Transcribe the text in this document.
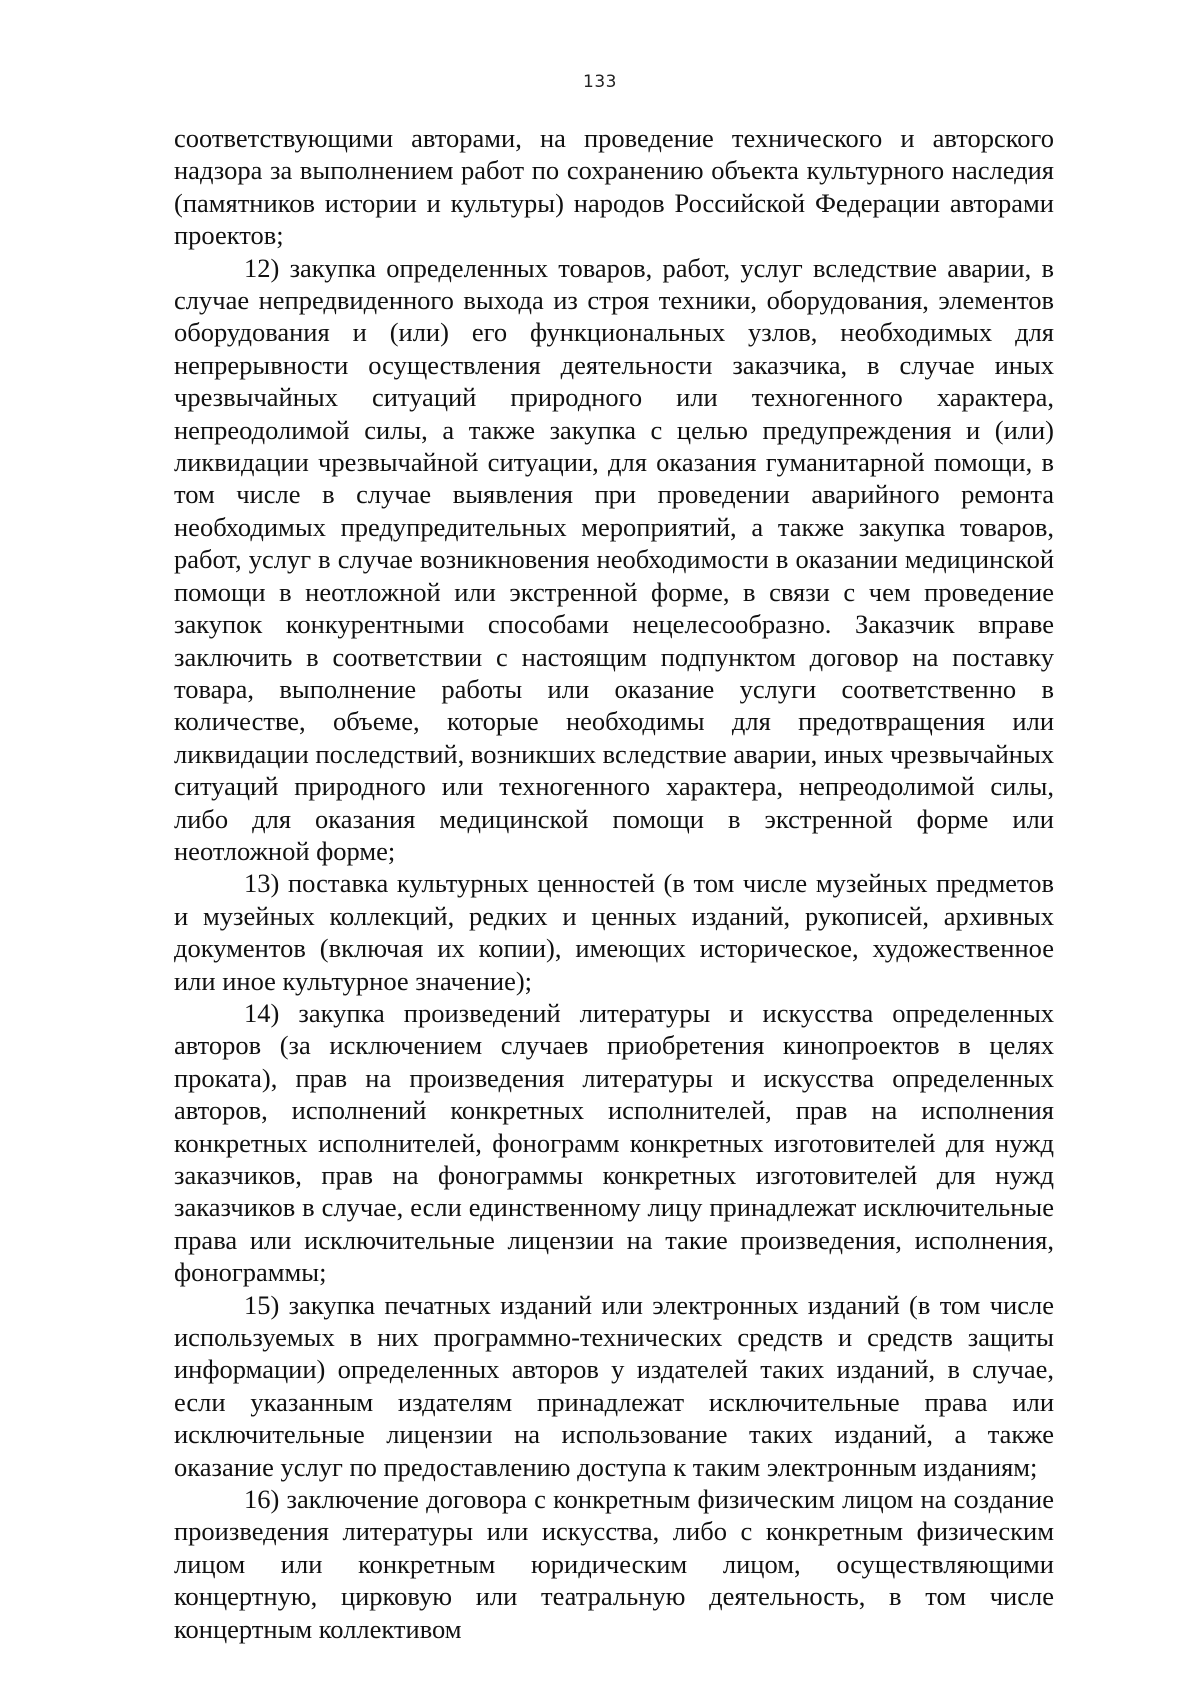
133

соответствующими авторами, на проведение технического и авторского надзора за выполнением работ по сохранению объекта культурного наследия (памятников истории и культуры) народов Российской Федерации авторами проектов;

12) закупка определенных товаров, работ, услуг вследствие аварии, в случае непредвиденного выхода из строя техники, оборудования, элементов оборудования и (или) его функциональных узлов, необходимых для непрерывности осуществления деятельности заказчика, в случае иных чрезвычайных ситуаций природного или техногенного характера, непреодолимой силы, а также закупка с целью предупреждения и (или) ликвидации чрезвычайной ситуации, для оказания гуманитарной помощи, в том числе в случае выявления при проведении аварийного ремонта необходимых предупредительных мероприятий, а также закупка товаров, работ, услуг в случае возникновения необходимости в оказании медицинской помощи в неотложной или экстренной форме, в связи с чем проведение закупок конкурентными способами нецелесообразно. Заказчик вправе заключить в соответствии с настоящим подпунктом договор на поставку товара, выполнение работы или оказание услуги соответственно в количестве, объеме, которые необходимы для предотвращения или ликвидации последствий, возникших вследствие аварии, иных чрезвычайных ситуаций природного или техногенного характера, непреодолимой силы, либо для оказания медицинской помощи в экстренной форме или неотложной форме;

13) поставка культурных ценностей (в том числе музейных предметов и музейных коллекций, редких и ценных изданий, рукописей, архивных документов (включая их копии), имеющих историческое, художественное или иное культурное значение);

14) закупка произведений литературы и искусства определенных авторов (за исключением случаев приобретения кинопроектов в целях проката), прав на произведения литературы и искусства определенных авторов, исполнений конкретных исполнителей, прав на исполнения конкретных исполнителей, фонограмм конкретных изготовителей для нужд заказчиков, прав на фонограммы конкретных изготовителей для нужд заказчиков в случае, если единственному лицу принадлежат исключительные права или исключительные лицензии на такие произведения, исполнения, фонограммы;

15) закупка печатных изданий или электронных изданий (в том числе используемых в них программно-технических средств и средств защиты информации) определенных авторов у издателей таких изданий, в случае, если указанным издателям принадлежат исключительные права или исключительные лицензии на использование таких изданий, а также оказание услуг по предоставлению доступа к таким электронным изданиям;

16) заключение договора с конкретным физическим лицом на создание произведения литературы или искусства, либо с конкретным физическим лицом или конкретным юридическим лицом, осуществляющими концертную, цирковую или театральную деятельность, в том числе концертным коллективом
